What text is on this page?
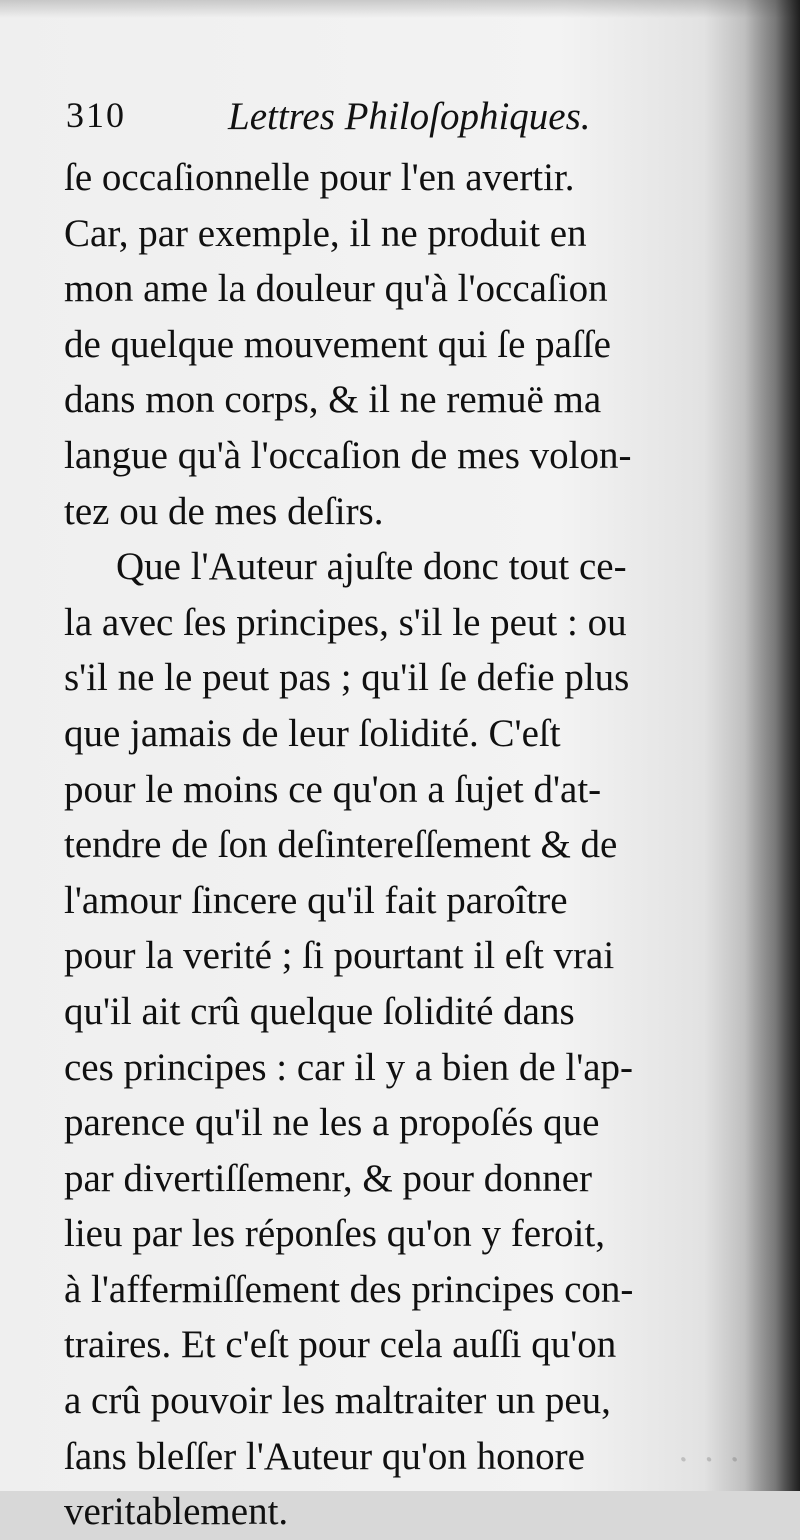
· · ·
310	Lettres Philoſophiques.
ſe occaſionnelle pour l'en avertir.
Car, par exemple, il ne produit en
mon ame la douleur qu'à l'occaſion
de quelque mouvement qui ſe paſſe
dans mon corps, & il ne remuë ma
langue qu'à l'occaſion de mes volon-
tez ou de mes deſirs.
Que l'Auteur ajuſte donc tout ce-
la avec ſes principes, s'il le peut : ou
s'il ne le peut pas ; qu'il ſe defie plus
que jamais de leur ſolidité. C'eſt
pour le moins ce qu'on a ſujet d'at-
tendre de ſon deſintereſſement & de
l'amour ſincere qu'il fait paroître
pour la verité ; ſi pourtant il eſt vrai
qu'il ait crû quelque ſolidité dans
ces principes : car il y a bien de l'ap-
parence qu'il ne les a propoſés que
par divertiſſemenr, & pour donner
lieu par les réponſes qu'on y feroit,
à l'affermiſſement des principes con-
traires. Et c'eſt pour cela auſſi qu'on
a crû pouvoir les maltraiter un peu,
ſans bleſſer l'Auteur qu'on honore
veritablement.
